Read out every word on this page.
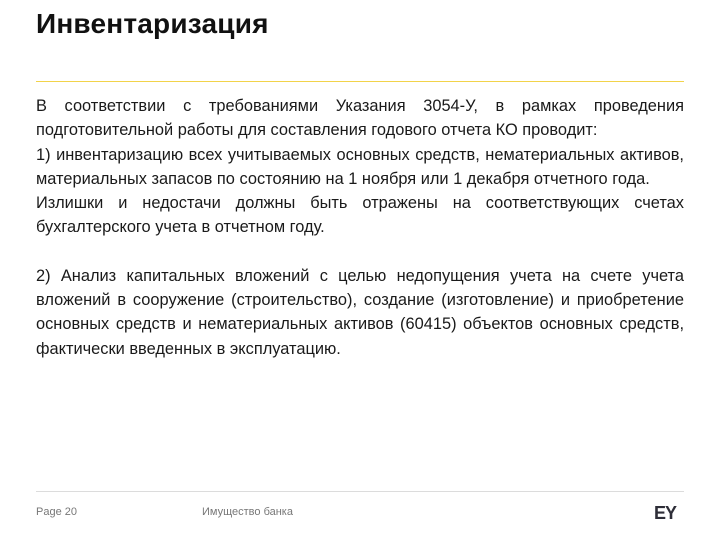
Инвентаризация

В соответствии с требованиями Указания 3054-У, в рамках проведения подготовительной работы для составления годового отчета КО проводит:

1) инвентаризацию всех учитываемых основных средств, нематериальных активов, материальных запасов по состоянию на 1 ноября или 1 декабря отчетного года.

Излишки и недостачи должны быть отражены на соответствующих счетах бухгалтерского учета в отчетном году.

2) Анализ капитальных вложений с целью недопущения учета на счете учета вложений в сооружение (строительство), создание (изготовление) и приобретение основных средств и нематериальных активов (60415) объектов основных средств, фактически введенных в эксплуатацию.

Page 20	Имущество банка	EY
